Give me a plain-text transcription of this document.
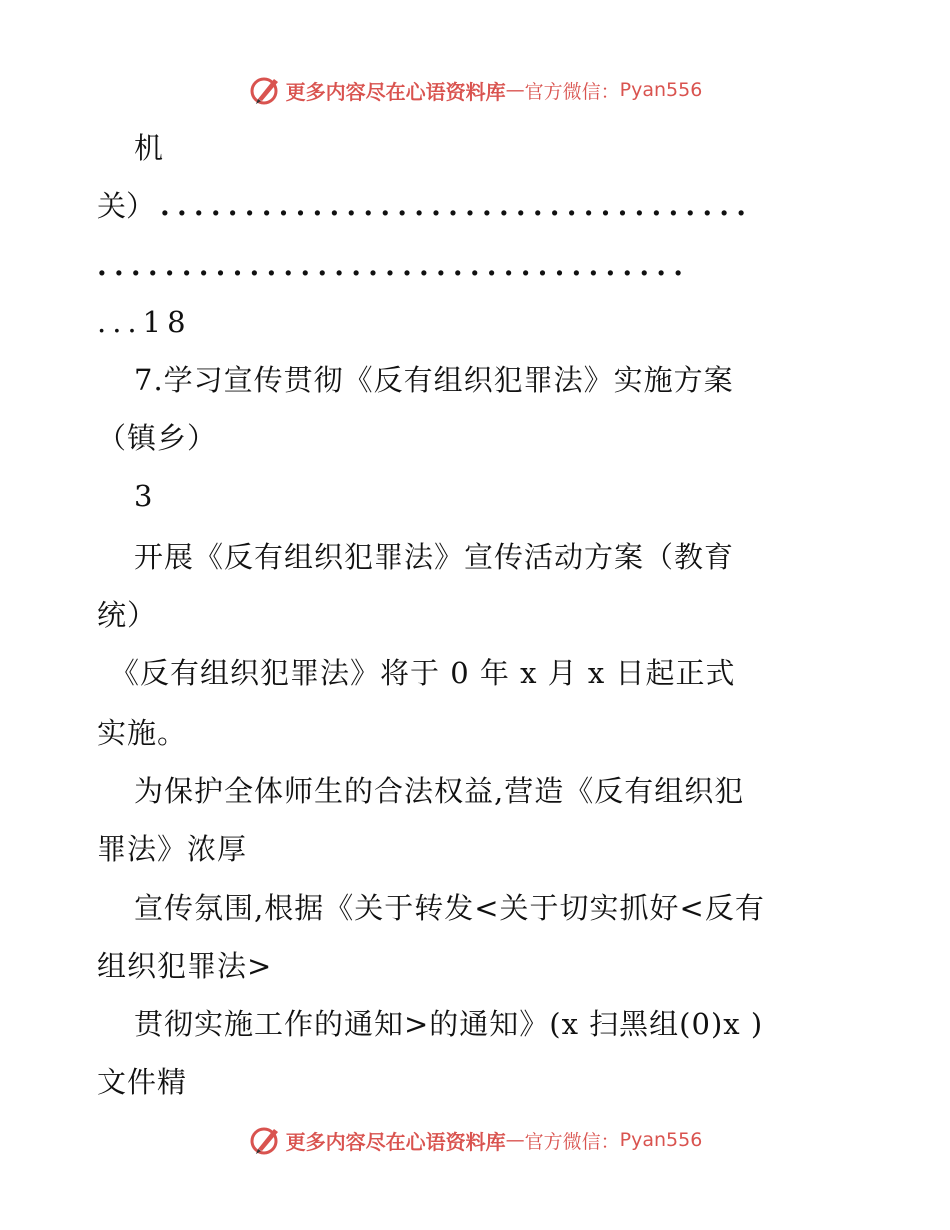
更多内容尽在心语资料库 — 官方微信： Pyan556
机
关） ...................................
...................................
...18
7.学习宣传贯彻《反有组织犯罪法》实施方案
（镇乡）
3
开展《反有组织犯罪法》宣传活动方案（教育
统）
《反有组织犯罪法》将于 0 年 x 月 x 日起正式
实施。
为保护全体师生的合法权益,营造《反有组织犯
罪法》浓厚
宣传氛围,根据《关于转发<关于切实抓好<反有
组织犯罪法>
贯彻实施工作的通知>的通知》(x 扫黑组(0)x )
文件精
更多内容尽在心语资料库 — 官方微信： Pyan556
